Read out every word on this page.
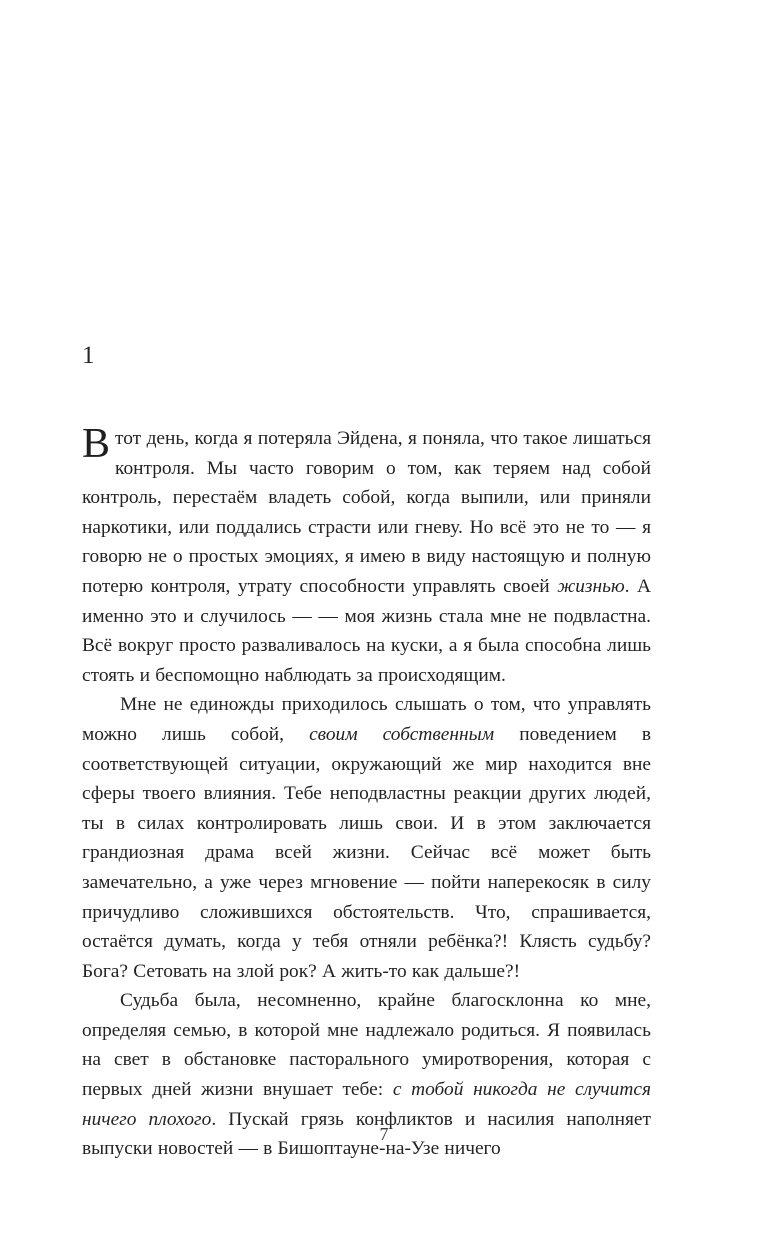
1

Втот день, когда я потеряла Эйдена, я поняла, что такое лишаться контроля. Мы часто говорим о том, как теряем над собой контроль, перестаём владеть собой, когда выпили, или приняли наркотики, или поддались страсти или гневу. Но всё это не то — я говорю не о простых эмоциях, я имею в виду настоящую и полную потерю контроля, утрату способности управлять своей жизнью. А именно это и случилось — — моя жизнь стала мне не подвластна. Всё вокруг просто разваливалось на куски, а я была способна лишь стоять и беспомощно наблюдать за происходящим.

Мне не единожды приходилось слышать о том, что управлять можно лишь собой, своим собственным поведением в соответствующей ситуации, окружающий же мир находится вне сферы твоего влияния. Тебе неподвластны реакции других людей, ты в силах контролировать лишь свои. И в этом заключается грандиозная драма всей жизни. Сейчас всё может быть замечательно, а уже через мгновение — пойти наперекосяк в силу причудливо сложившихся обстоятельств. Что, спрашивается, остаётся думать, когда у тебя отняли ребёнка?! Клясть судьбу? Бога? Сетовать на злой рок? А жить-то как дальше?!

Судьба была, несомненно, крайне благосклонна ко мне, определяя семью, в которой мне надлежало родиться. Я появилась на свет в обстановке пасторального умиротворения, которая с первых дней жизни внушает тебе: с тобой никогда не случится ничего плохого. Пускай грязь конфликтов и насилия наполняет выпуски новостей — в Бишоптауне-на-Узе ничего

7
